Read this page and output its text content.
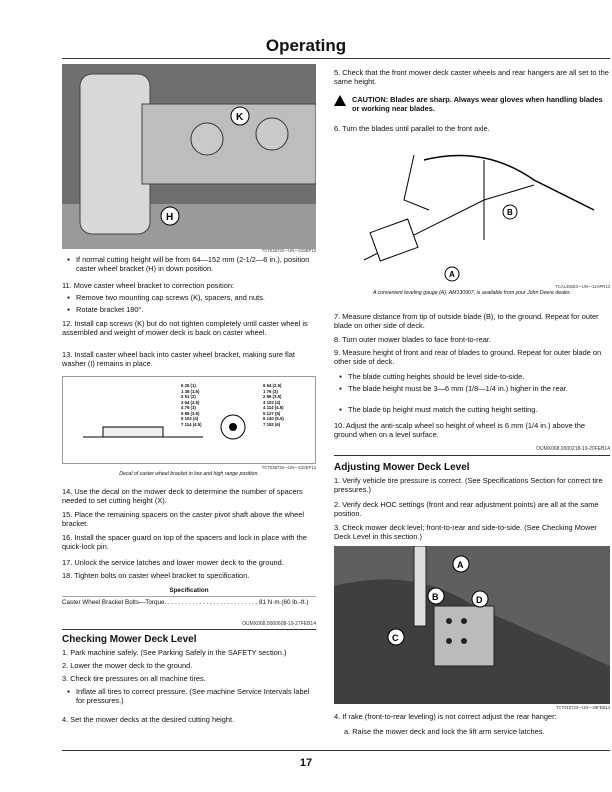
Operating
K
H
TCT036723—UN—23SEP13
● If normal cutting height will be from 64—152 mm (2-1/2—6 in.), position caster wheel bracket (H) in down position.
11. Move caster wheel bracket to correction position:
● Remove two mounting cap screws (K), spacers, and nuts.
● Rotate bracket 180°.
12. Install cap screws (K) but do not tighten completely until caster wheel is assembled and weight of mower deck is back on caster wheel.
13. Install caster wheel back into caster wheel bracket, making sure flat washer (I) remains in place.
6 25 (1)
1 38 (1.5)
2 51 (2)
3 64 (2.5)
4 76 (3)
5 89 (3.5)
6 102 (4)
7 114 (4.5)
6 64 (2.5)
1 76 (3)
2 89 (3.5)
3 102 (4)
4 114 (4.5)
5 127 (5)
6 140 (5.5)
7 152 (6)
TCT036734—UN—23SEP13
Decal of caster wheel bracket in low and high range position.
14. Use the decal on the mower deck to determine the number of spacers needed to set cutting height (X).
15. Place the remaining spacers on the caster pivot shaft above the wheel bracket.
16. Install the spacer guard on top of the spacers and lock in place with the quick-lock pin.
17. Unlock the service latches and lower mower deck to the ground.
18. Tighten bolts on caster wheel bracket to specification.
Specification
Caster Wheel Bracket Bolts—Torque. . . . . . . . . . . . . . . . . . . . . . . . . . . 81 N·m (60 lb.-ft.)
OUMX068,0000608-19-27FEB14
Checking Mower Deck Level
1. Park machine safely. (See Parking Safely in the SAFETY section.)
2. Lower the mower deck to the ground.
3. Check tire pressures on all machine tires.
● Inflate all tires to correct pressure. (See machine Service Intervals label for pressures.)
4. Set the mower decks at the desired cutting height.
5. Check that the front mower deck caster wheels and rear hangers are all set to the same height.
CAUTION: Blades are sharp. Always wear gloves when handling blades or working near blades.
6. Turn the blades until parallel to the front axle.
B
A
TCAL46553—UN—12APR13
A convenient leveling gauge (A), AM130907, is available from your John Deere dealer.
7. Measure distance from tip of outside blade (B), to the ground. Repeat for outer blade on other side of deck.
8. Turn outer mower blades to face front-to-rear.
9. Measure height of front and rear of blades to ground. Repeat for outer blade on other side of deck.
● The blade cutting heights should be level side-to-side.
● The blade height must be 3—6 mm (1/8—1/4 in.) higher in the rear.
● The blade tip height must match the cutting height setting.
10. Adjust the anti-scalp wheel so height of wheel is 6 mm (1/4 in.) above the ground when on a level surface.
OUMX068,0000218-19-20FEB14
Adjusting Mower Deck Level
1. Verify vehicle tire pressure is correct. (See Specifications Section for correct tire pressures.)
2. Verify deck HOC settings (front and rear adjustment points) are all at the same position.
3. Check mower deck level; front-to-rear and side-to-side. (See Checking Mower Deck Level in this section.)
A
B
C
D
TCT010723—UN—28FEB14
4. If rake (front-to-rear leveling) is not correct adjust the rear hanger:
a. Raise the mower deck and lock the lift arm service latches.
17
